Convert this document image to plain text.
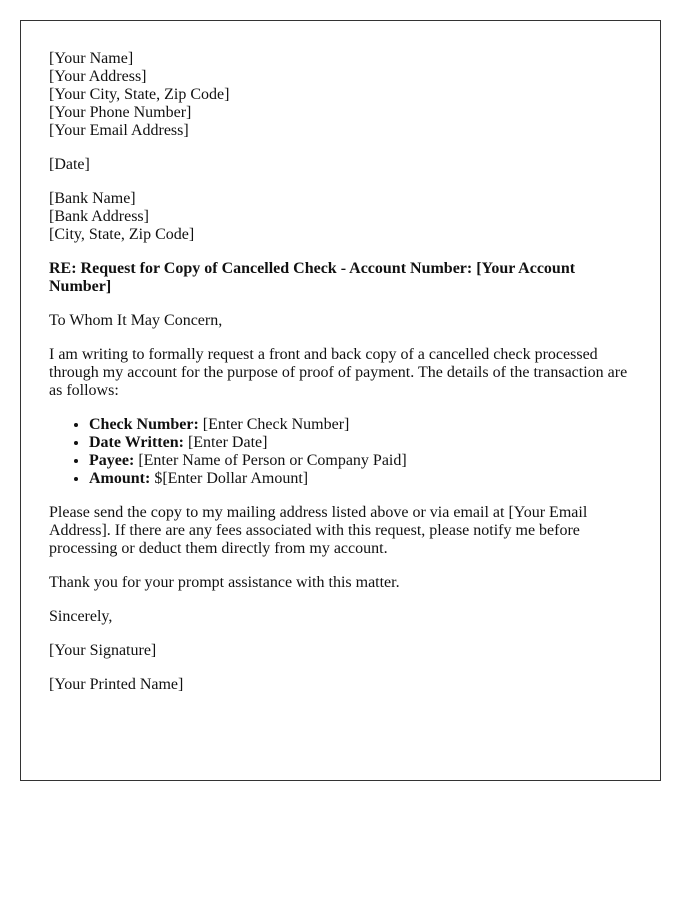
[Your Name]
[Your Address]
[Your City, State, Zip Code]
[Your Phone Number]
[Your Email Address]

[Date]

[Bank Name]
[Bank Address]
[City, State, Zip Code]

RE: Request for Copy of Cancelled Check - Account Number: [Your Account Number]

To Whom It May Concern,

I am writing to formally request a front and back copy of a cancelled check processed through my account for the purpose of proof of payment. The details of the transaction are as follows:

• Check Number: [Enter Check Number]
• Date Written: [Enter Date]
• Payee: [Enter Name of Person or Company Paid]
• Amount: $[Enter Dollar Amount]

Please send the copy to my mailing address listed above or via email at [Your Email Address]. If there are any fees associated with this request, please notify me before processing or deduct them directly from my account.

Thank you for your prompt assistance with this matter.

Sincerely,

[Your Signature]

[Your Printed Name]
